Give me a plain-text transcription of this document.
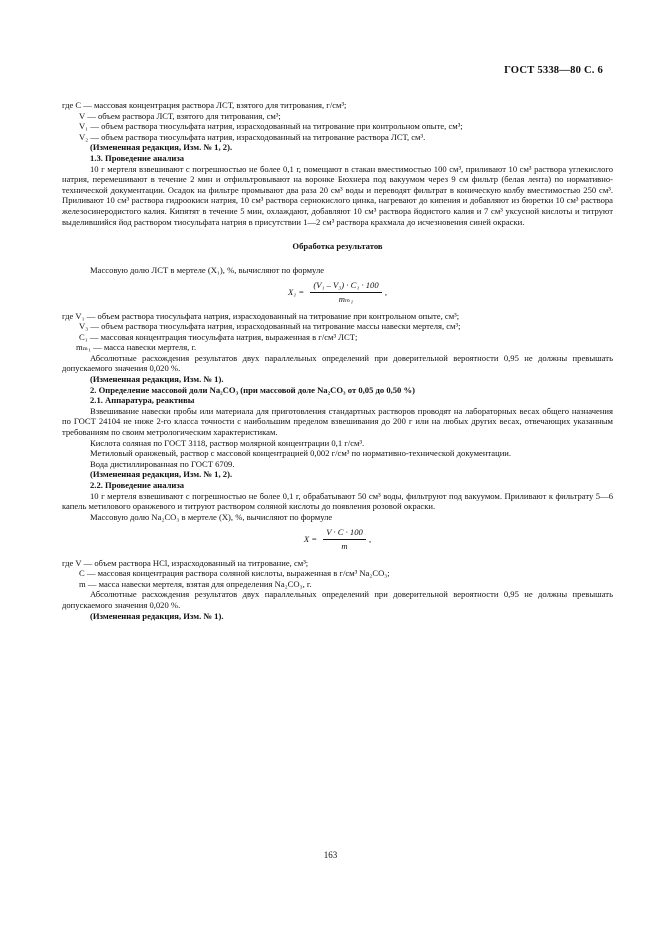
ГОСТ 5338—80 С. 6

где C — массовая концентрация раствора ЛСТ, взятого для титрования, г/см³;

V — объем раствора ЛСТ, взятого для титрования, см³;

V₁ — объем раствора тиосульфата натрия, израсходованный на титрование при контрольном опыте, см³;

V₂ — объем раствора тиосульфата натрия, израсходованный на титрование раствора ЛСТ, см³.

(Измененная редакция, Изм. № 1, 2).

1.3. Проведение анализа

10 г мертеля взвешивают с погрешностью не более 0,1 г, помещают в стакан вместимостью 100 см³, приливают 10 см³ раствора углекислого натрия, перемешивают в течение 2 мин и отфильтровывают на воронке Бюхнера под вакуумом через 9 см фильтр (белая лента) по нормативно-технической документации. Осадок на фильтре промывают два раза 20 см³ воды и переводят фильтрат в коническую колбу вместимостью 250 см³. Приливают 10 см³ раствора гидроокиси натрия, 10 см³ раствора сернокислого цинка, нагревают до кипения и добавляют из бюретки 10 см³ раствора железосинеродистого калия. Кипятят в течение 5 мин, охлаждают, добавляют 10 см³ раствора йодистого калия и 7 см³ уксусной кислоты и титруют выделившийся йод раствором тиосульфата натрия в присутствии 1—2 см³ раствора крахмала до исчезновения синей окраски.

Обработка результатов

Массовую долю ЛСТ в мертеле (X₁), %, вычисляют по формуле

$X_1 = \frac{\text{(V₁ – V₃) · C₁ · 100}}{\text{mₘ₁}}$ ,

где V₁ — объем раствора тиосульфата натрия, израсходованный на титрование при контрольном опыте, см³;

V₃ — объем раствора тиосульфата натрия, израсходованный на титрование массы навески мертеля, см³;

C₁ — массовая концентрация тиосульфата натрия, выраженная в г/см³ ЛСТ;

mₘ₁ — масса навески мертеля, г.

Абсолютные расхождения результатов двух параллельных определений при доверительной вероятности 0,95 не должны превышать допускаемого значения 0,020 %.

(Измененная редакция, Изм. № 1).

2. Определение массовой доли Na₂CO₃ (при массовой доле Na₂CO₃ от 0,05 до 0,50 %)

2.1. Аппаратура, реактивы

Взвешивание навески пробы или материала для приготовления стандартных растворов проводят на лабораторных весах общего назначения по ГОСТ 24104 не ниже 2-го класса точности с наибольшим пределом взвешивания до 200 г или на любых других весах, отвечающих указанным требованиям по своим метрологическим характеристикам.

Кислота соляная по ГОСТ 3118, раствор молярной концентрации 0,1 г/см³.

Метиловый оранжевый, раствор с массовой концентрацией 0,002 г/см³ по нормативно-технической документации.

Вода дистиллированная по ГОСТ 6709.

(Измененная редакция, Изм. № 1, 2).

2.2. Проведение анализа

10 г мертеля взвешивают с погрешностью не более 0,1 г, обрабатывают 50 см³ воды, фильтруют под вакуумом. Приливают к фильтрату 5—6 капель метилового оранжевого и титруют раствором соляной кислоты до появления розовой окраски.

Массовую долю Na₂CO₃ в мертеле (X), %, вычисляют по формуле

$X = \frac{V \cdot C \cdot 100}{m}$ ,

где V — объем раствора HCl, израсходованный на титрование, см³;

C — массовая концентрация раствора соляной кислоты, выраженная в г/см³ Na₂CO₃;

m — масса навески мертеля, взятая для определения Na₂CO₃, г.

Абсолютные расхождения результатов двух параллельных определений при доверительной вероятности 0,95 не должны превышать допускаемого значения 0,020 %.

(Измененная редакция, Изм. № 1).

163
